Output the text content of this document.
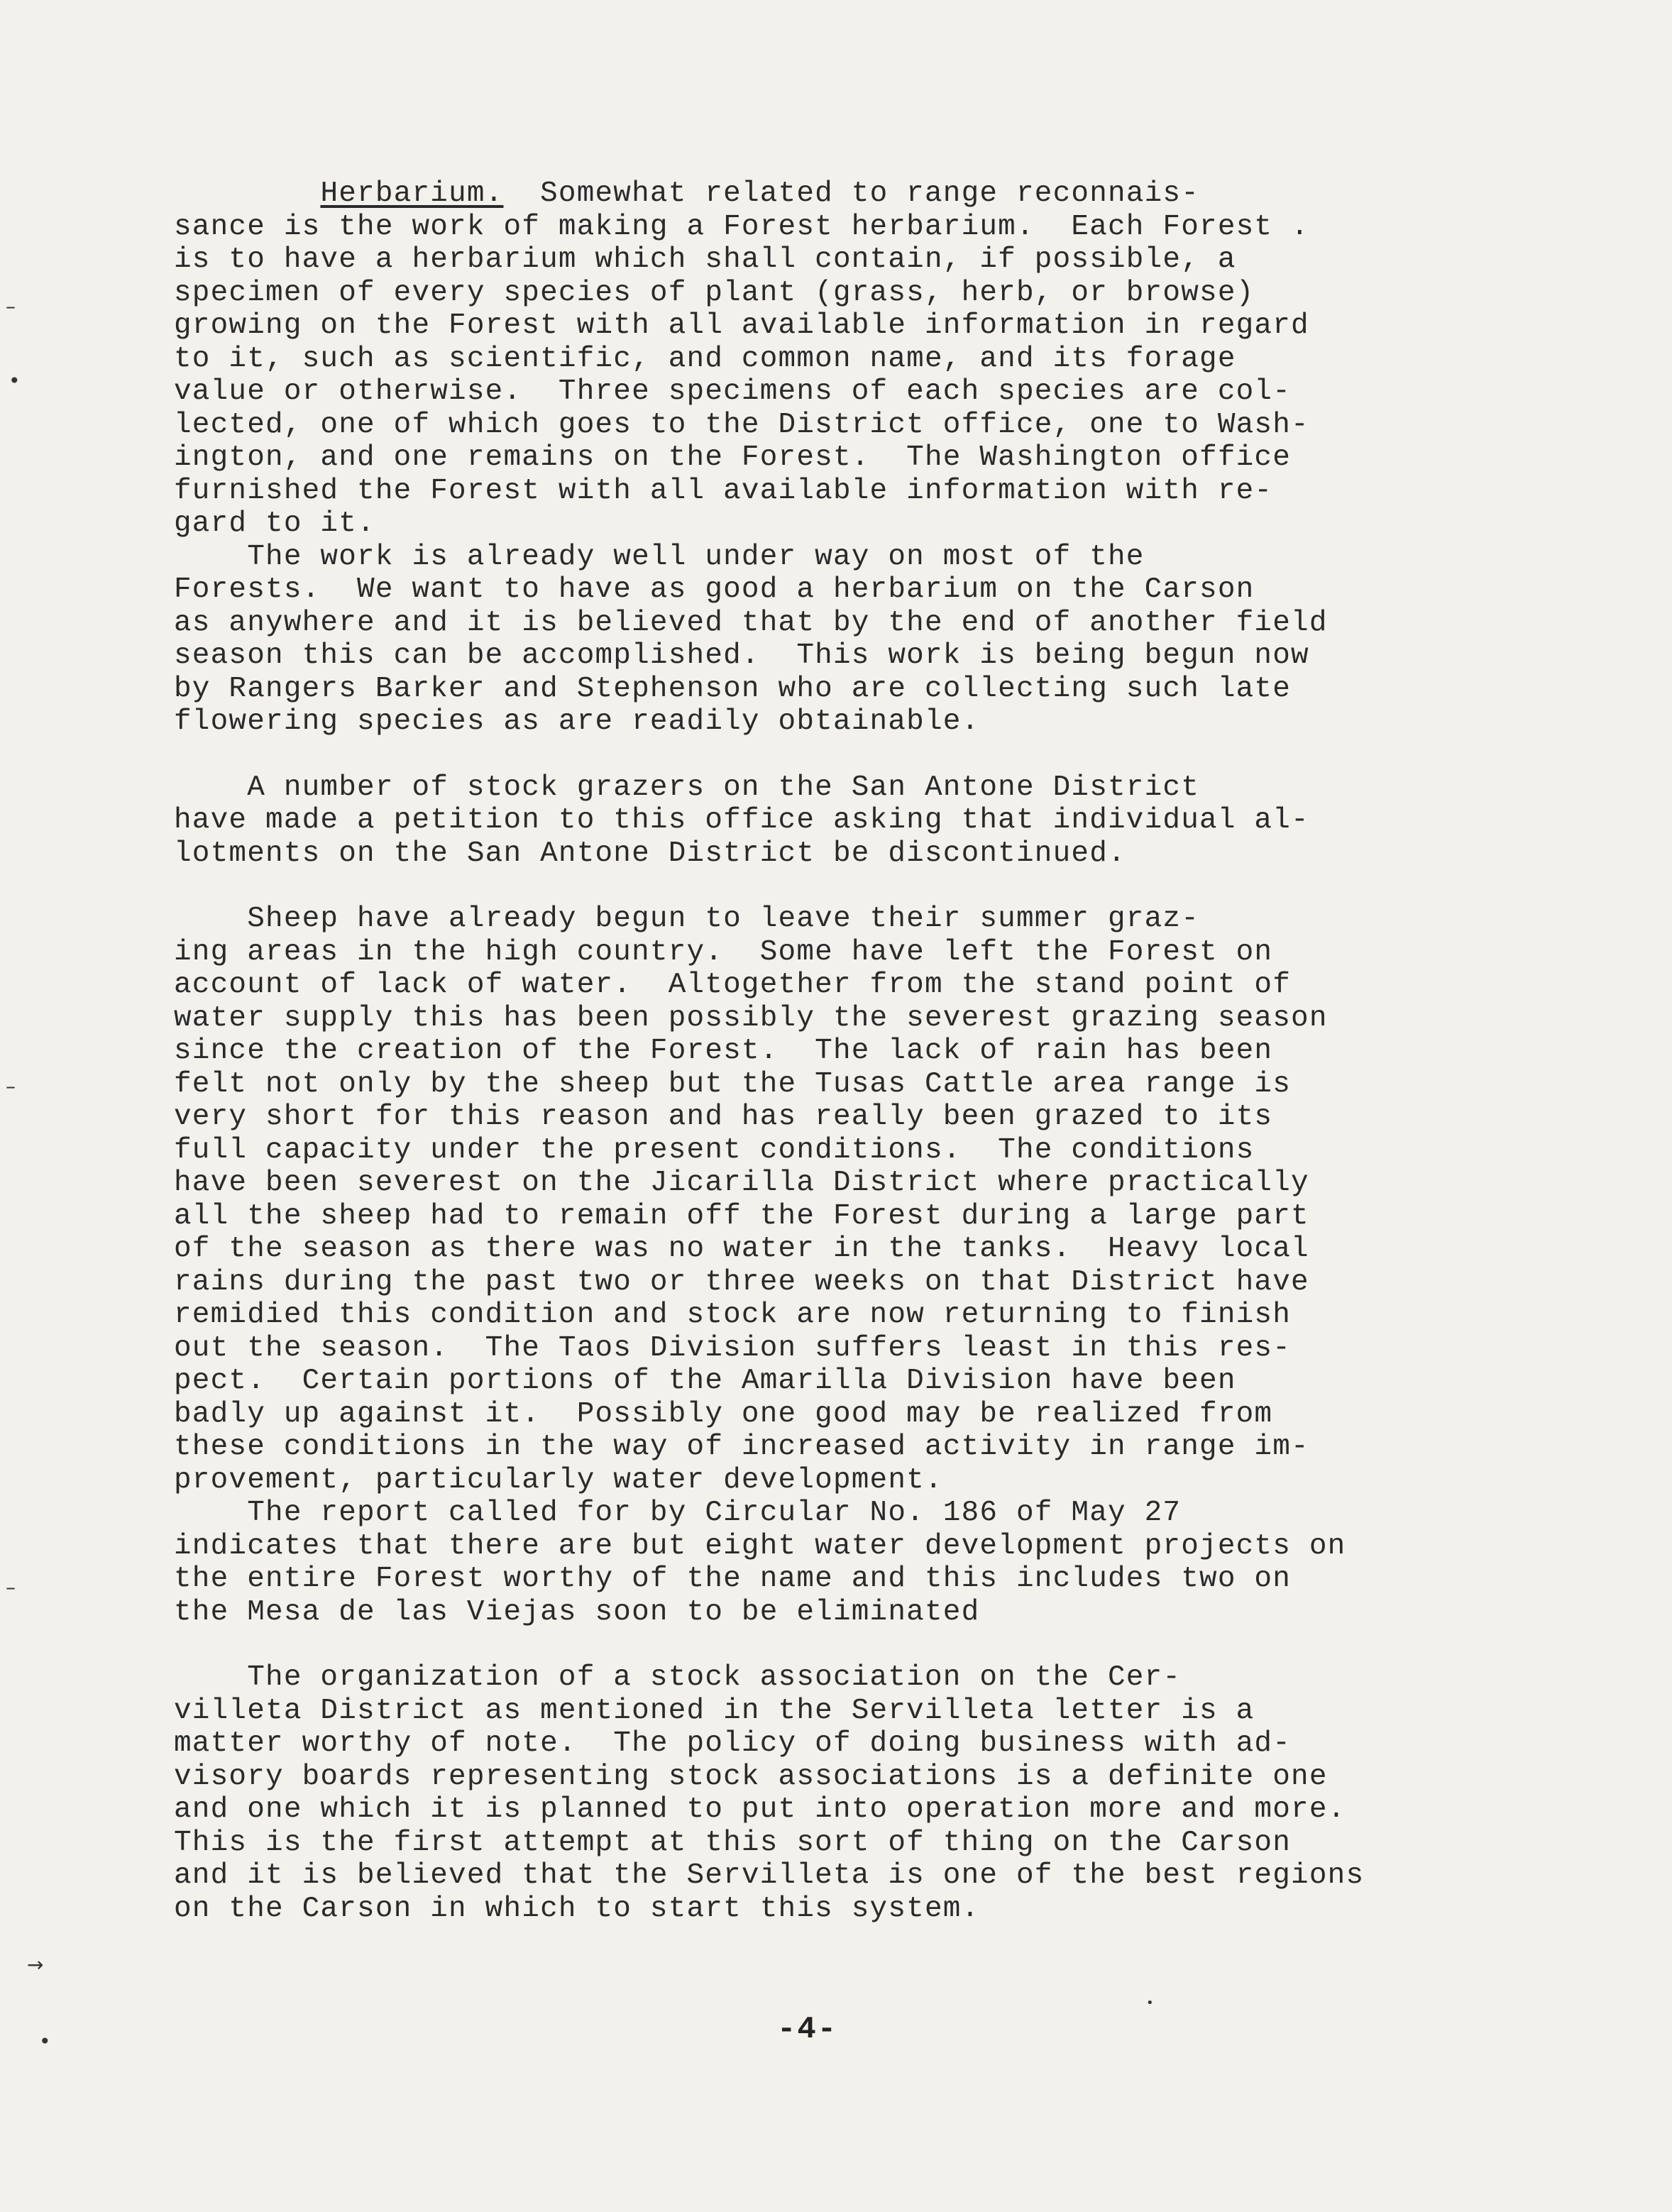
–
•
–
–
→
•
•

Herbarium. Somewhat related to range reconnais-
sance is the work of making a Forest herbarium.  Each Forest .
is to have a herbarium which shall contain, if possible, a
specimen of every species of plant (grass, herb, or browse)
growing on the Forest with all available information in regard
to it, such as scientific, and common name, and its forage
value or otherwise.  Three specimens of each species are col-
lected, one of which goes to the District office, one to Wash-
ington, and one remains on the Forest.  The Washington office
furnished the Forest with all available information with re-
gard to it.

The work is already well under way on most of the
Forests.  We want to have as good a herbarium on the Carson
as anywhere and it is believed that by the end of another field
season this can be accomplished.  This work is being begun now
by Rangers Barker and Stephenson who are collecting such late
flowering species as are readily obtainable.

A number of stock grazers on the San Antone District
have made a petition to this office asking that individual al-
lotments on the San Antone District be discontinued.

Sheep have already begun to leave their summer graz-
ing areas in the high country.  Some have left the Forest on
account of lack of water.  Altogether from the stand point of
water supply this has been possibly the severest grazing season
since the creation of the Forest.  The lack of rain has been
felt not only by the sheep but the Tusas Cattle area range is
very short for this reason and has really been grazed to its
full capacity under the present conditions.  The conditions
have been severest on the Jicarilla District where practically
all the sheep had to remain off the Forest during a large part
of the season as there was no water in the tanks.  Heavy local
rains during the past two or three weeks on that District have
remidied this condition and stock are now returning to finish
out the season.  The Taos Division suffers least in this res-
pect.  Certain portions of the Amarilla Division have been
badly up against it.  Possibly one good may be realized from
these conditions in the way of increased activity in range im-
provement, particularly water development.
The report called for by Circular No. 186 of May 27
indicates that there are but eight water development projects on
the entire Forest worthy of the name and this includes two on
the Mesa de las Viejas soon to be eliminated

The organization of a stock association on the Cer-
villeta District as mentioned in the Servilleta letter is a
matter worthy of note.  The policy of doing business with ad-
visory boards representing stock associations is a definite one
and one which it is planned to put into operation more and more.
This is the first attempt at this sort of thing on the Carson
and it is believed that the Servilleta is one of the best regions
on the Carson in which to start this system.

-4-
